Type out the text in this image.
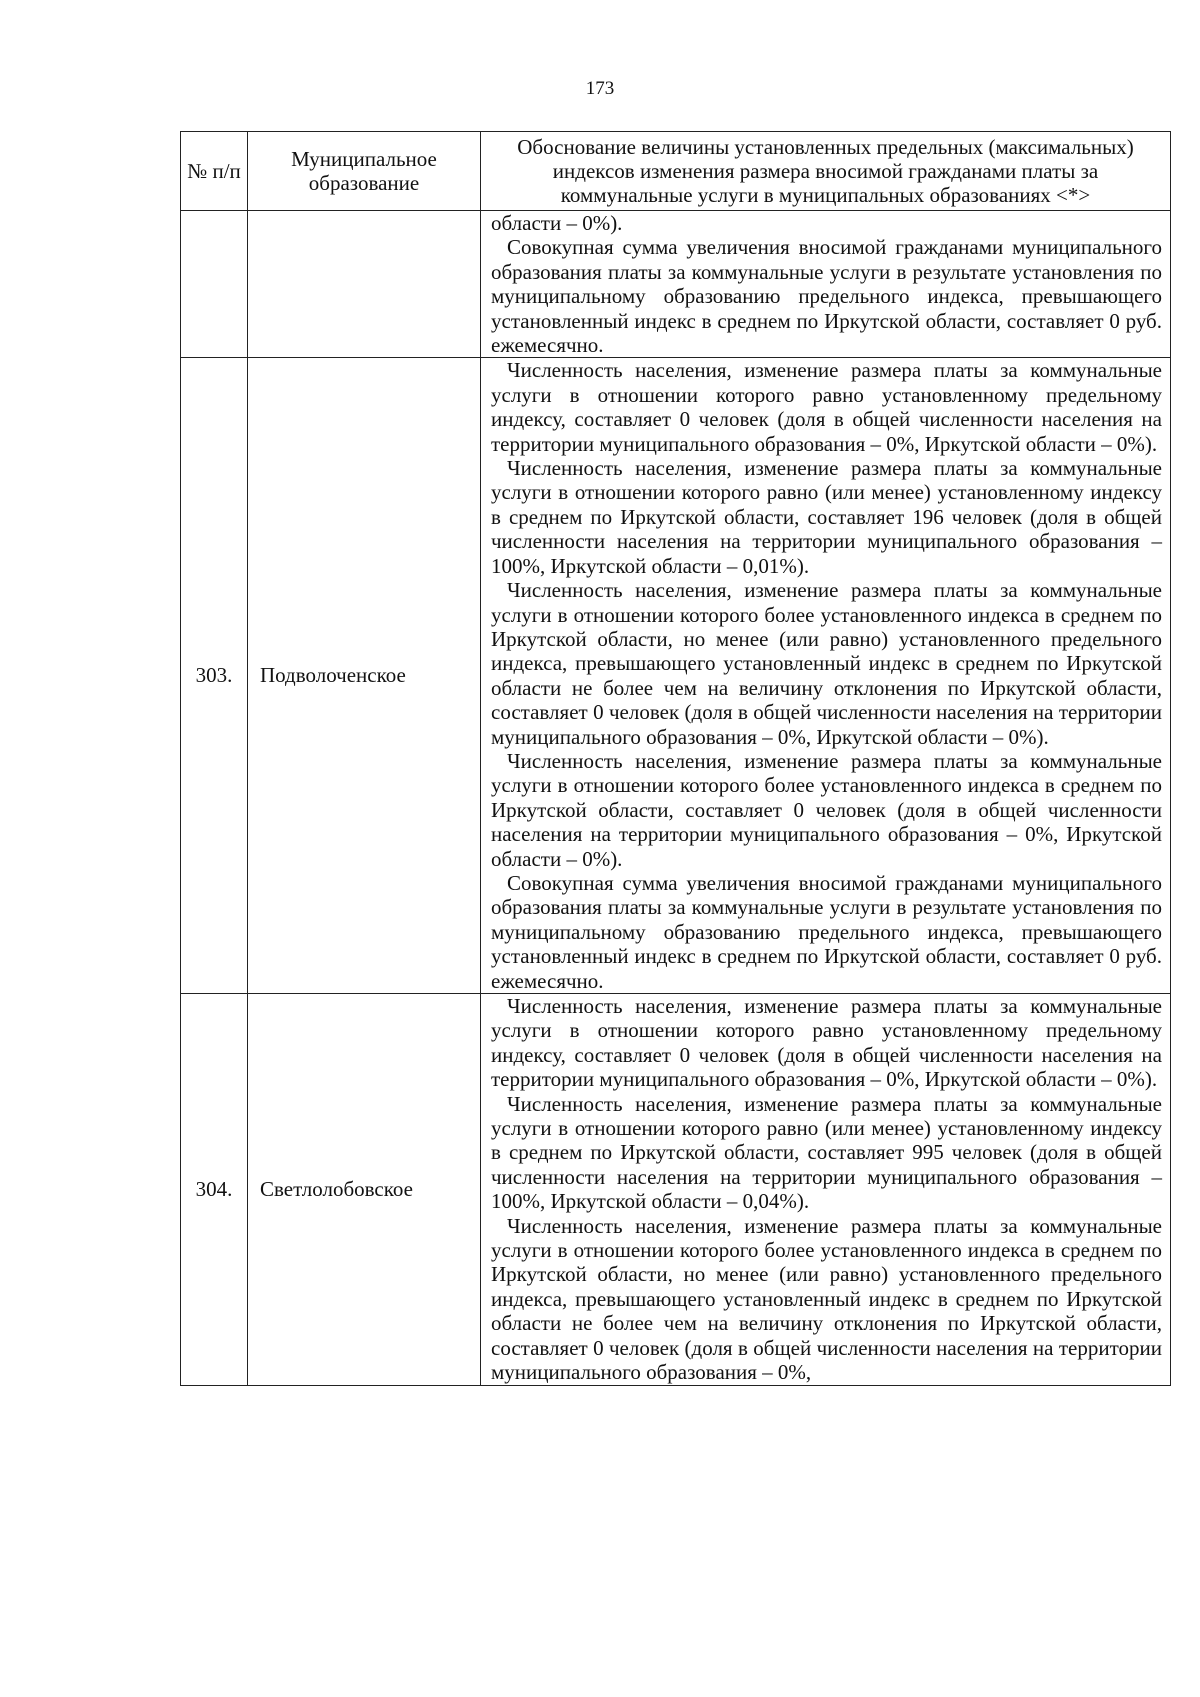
173
№ п/п	Муниципальное образование	Обоснование величины установленных предельных (максимальных) индексов изменения размера вносимой гражданами платы за коммунальные услуги в муниципальных образованиях <*>

		области – 0%).

Совокупная сумма увеличения вносимой гражданами муниципального образования платы за коммунальные услуги в результате установления по муниципальному образованию предельного индекса, превышающего установленный индекс в среднем по Иркутской области, составляет 0 руб. ежемесячно.

303.	Подволоченское	Численность населения, изменение размера платы за коммунальные услуги в отношении которого равно установленному предельному индексу, составляет 0 человек (доля в общей численности населения на территории муниципального образования – 0%, Иркутской области – 0%).

Численность населения, изменение размера платы за коммунальные услуги в отношении которого равно (или менее) установленному индексу в среднем по Иркутской области, составляет 196 человек (доля в общей численности населения на территории муниципального образования – 100%, Иркутской области – 0,01%).

Численность населения, изменение размера платы за коммунальные услуги в отношении которого более установленного индекса в среднем по Иркутской области, но менее (или равно) установленного предельного индекса, превышающего установленный индекс в среднем по Иркутской области не более чем на величину отклонения по Иркутской области, составляет 0 человек (доля в общей численности населения на территории муниципального образования – 0%, Иркутской области – 0%).

Численность населения, изменение размера платы за коммунальные услуги в отношении которого более установленного индекса в среднем по Иркутской области, составляет 0 человек (доля в общей численности населения на территории муниципального образования – 0%, Иркутской области – 0%).

Совокупная сумма увеличения вносимой гражданами муниципального образования платы за коммунальные услуги в результате установления по муниципальному образованию предельного индекса, превышающего установленный индекс в среднем по Иркутской области, составляет 0 руб. ежемесячно.

304.	Светлолобовское	Численность населения, изменение размера платы за коммунальные услуги в отношении которого равно установленному предельному индексу, составляет 0 человек (доля в общей численности населения на территории муниципального образования – 0%, Иркутской области – 0%).

Численность населения, изменение размера платы за коммунальные услуги в отношении которого равно (или менее) установленному индексу в среднем по Иркутской области, составляет 995 человек (доля в общей численности населения на территории муниципального образования – 100%, Иркутской области – 0,04%).

Численность населения, изменение размера платы за коммунальные услуги в отношении которого более установленного индекса в среднем по Иркутской области, но менее (или равно) установленного предельного индекса, превышающего установленный индекс в среднем по Иркутской области не более чем на величину отклонения по Иркутской области, составляет 0 человек (доля в общей численности населения на территории муниципального образования – 0%,
